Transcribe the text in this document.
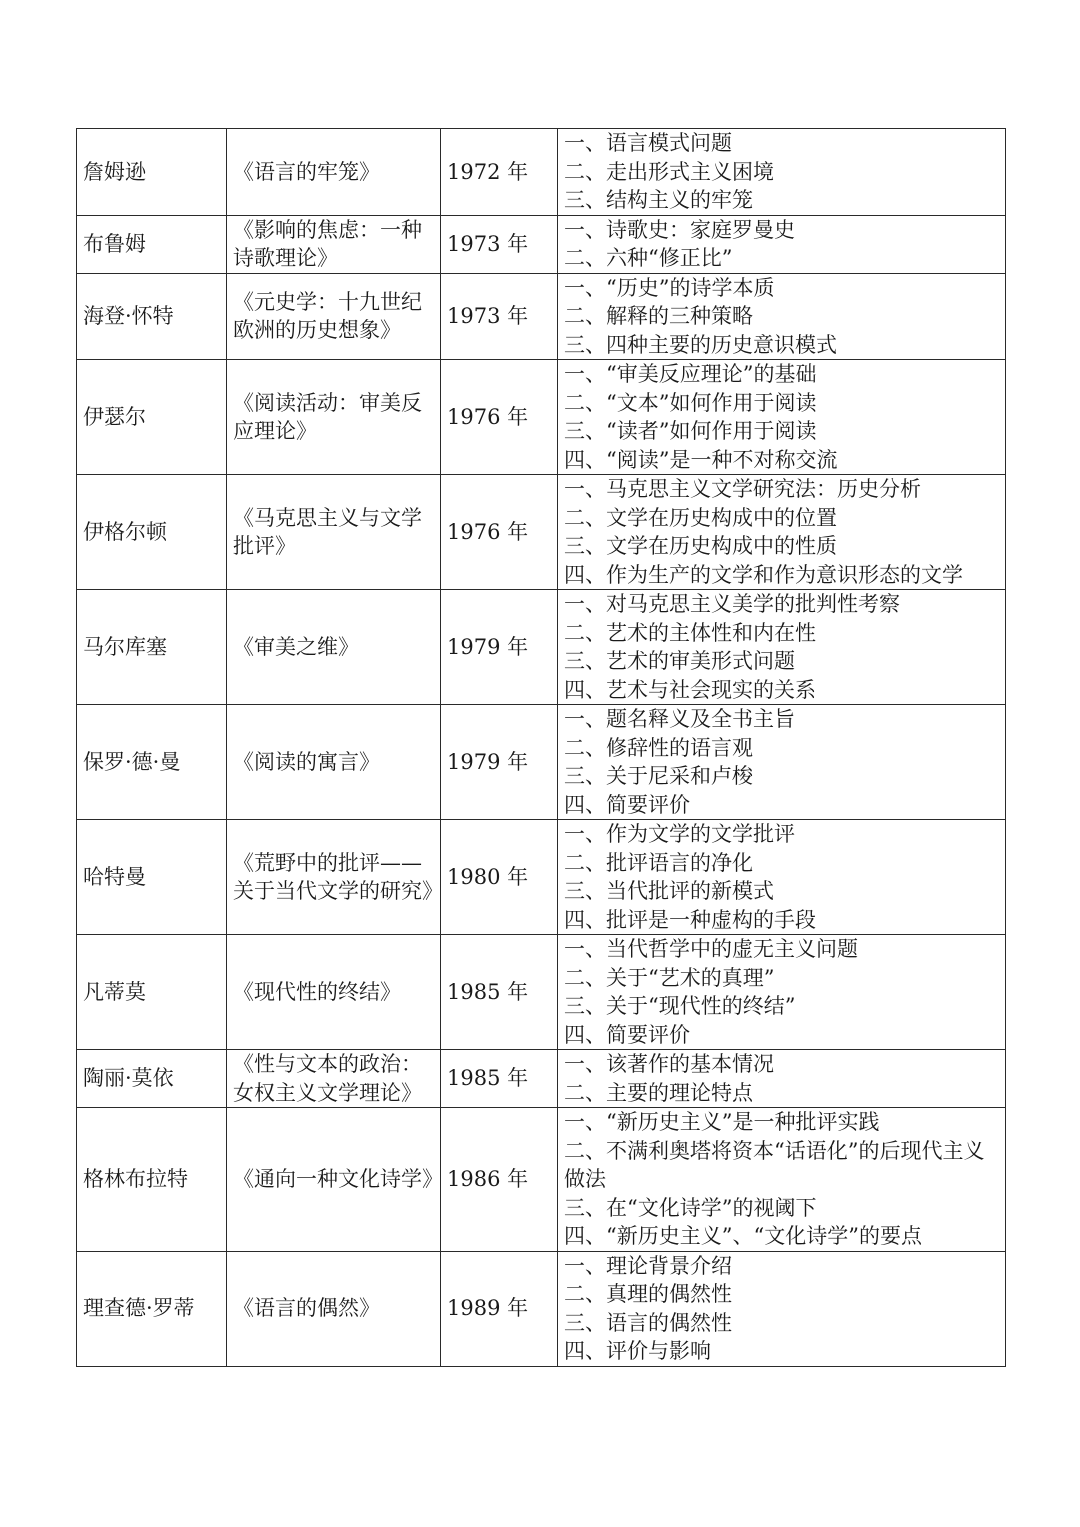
詹姆逊	《语言的牢笼》	1972 年	一、语言模式问题
二、走出形式主义困境
三、结构主义的牢笼

布鲁姆	《影响的焦虑：一种诗歌理论》	1973 年	一、诗歌史：家庭罗曼史
二、六种“修正比”

海登·怀特	《元史学：十九世纪欧洲的历史想象》	1973 年	一、“历史”的诗学本质
二、解释的三种策略
三、四种主要的历史意识模式

伊瑟尔	《阅读活动：审美反应理论》	1976 年	一、“审美反应理论”的基础
二、“文本”如何作用于阅读
三、“读者”如何作用于阅读
四、“阅读”是一种不对称交流

伊格尔顿	《马克思主义与文学批评》	1976 年	一、马克思主义文学研究法：历史分析
二、文学在历史构成中的位置
三、文学在历史构成中的性质
四、作为生产的文学和作为意识形态的文学

马尔库塞	《审美之维》	1979 年	一、对马克思主义美学的批判性考察
二、艺术的主体性和内在性
三、艺术的审美形式问题
四、艺术与社会现实的关系

保罗·德·曼	《阅读的寓言》	1979 年	一、题名释义及全书主旨
二、修辞性的语言观
三、关于尼采和卢梭
四、简要评价

哈特曼	《荒野中的批评——关于当代文学的研究》	1980 年	一、作为文学的文学批评
二、批评语言的净化
三、当代批评的新模式
四、批评是一种虚构的手段

凡蒂莫	《现代性的终结》	1985 年	一、当代哲学中的虚无主义问题
二、关于“艺术的真理”
三、关于“现代性的终结”
四、简要评价

陶丽·莫依	《性与文本的政治：女权主义文学理论》	1985 年	一、该著作的基本情况
二、主要的理论特点

格林布拉特	《通向一种文化诗学》	1986 年	一、“新历史主义”是一种批评实践
二、不满利奥塔将资本“话语化”的后现代主义做法
三、在“文化诗学”的视阈下
四、“新历史主义”、“文化诗学”的要点

理查德·罗蒂	《语言的偶然》	1989 年	一、理论背景介绍
二、真理的偶然性
三、语言的偶然性
四、评价与影响
